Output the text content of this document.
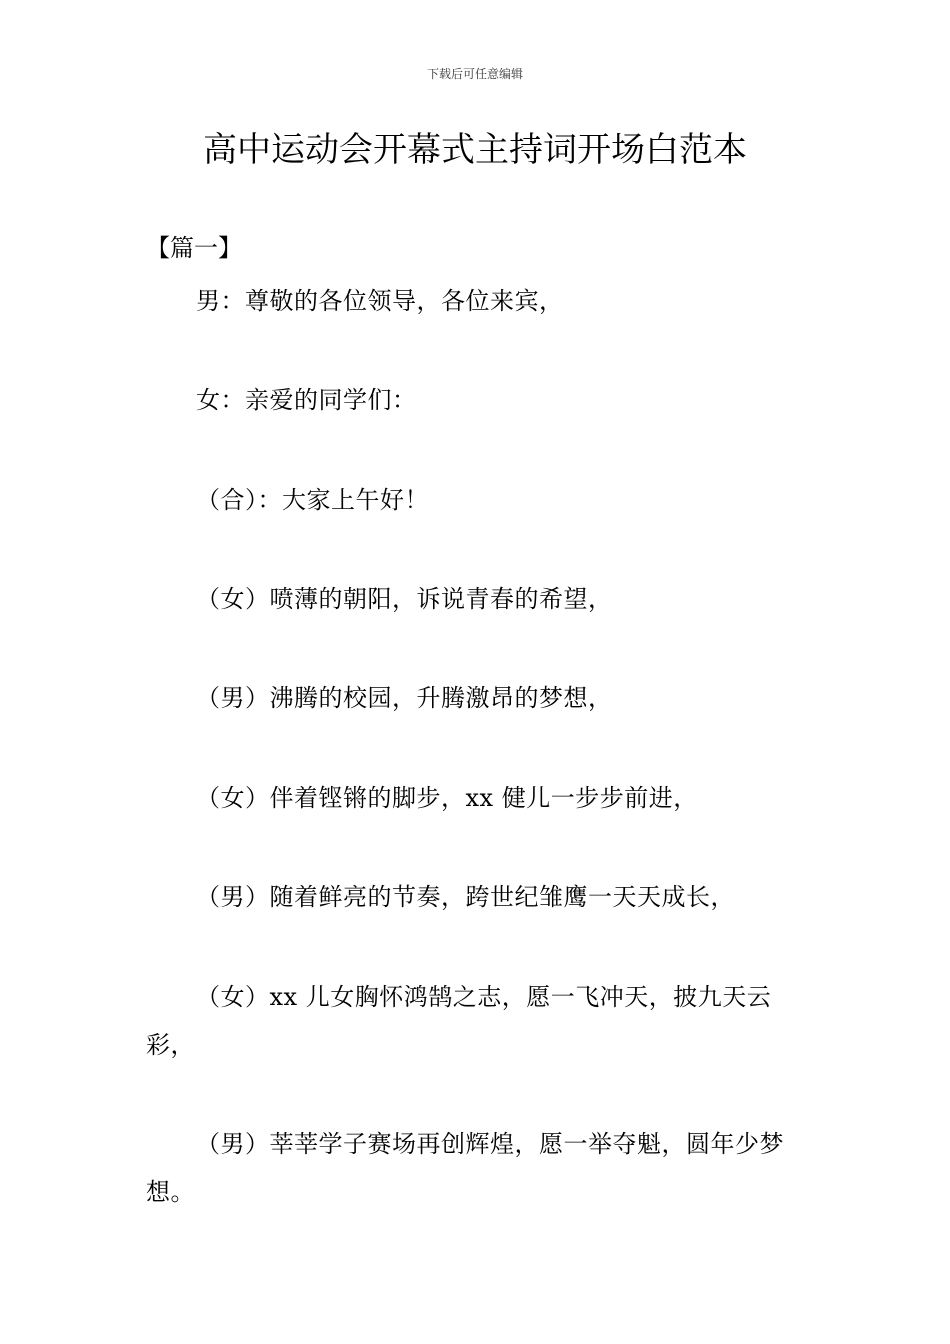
下载后可任意编辑
高中运动会开幕式主持词开场白范本
【篇一】

男：尊敬的各位领导，各位来宾，

女：亲爱的同学们：

（合）：大家上午好！

（女）喷薄的朝阳，诉说青春的希望，

（男）沸腾的校园，升腾激昂的梦想，

（女）伴着铿锵的脚步，xx 健儿一步步前进，

（男）随着鲜亮的节奏，跨世纪雏鹰一天天成长，

（女）xx 儿女胸怀鸿鹄之志，愿一飞冲天，披九天云彩，

（男）莘莘学子赛场再创辉煌，愿一举夺魁，圆年少梦想。
